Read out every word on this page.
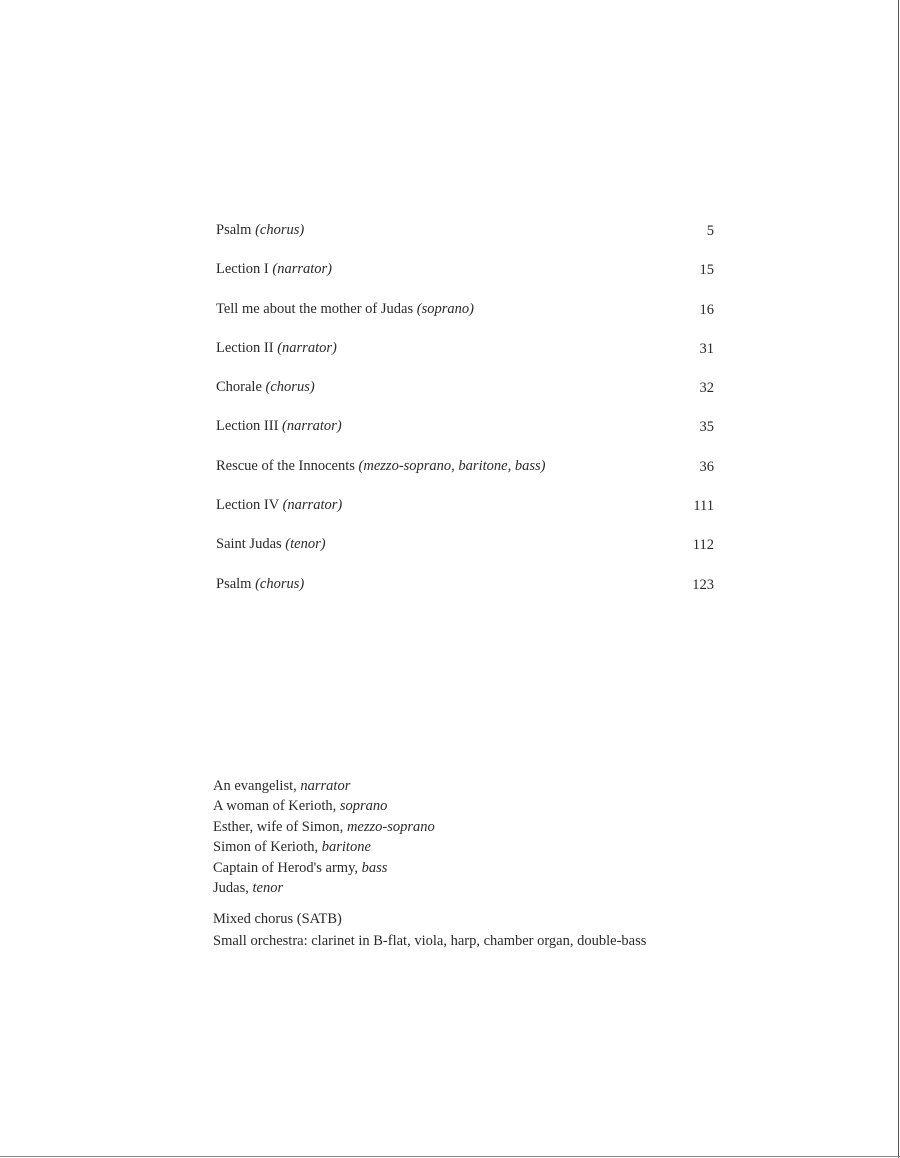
Psalm (chorus)	5
Lection I (narrator)	15
Tell me about the mother of Judas (soprano)	16
Lection II (narrator)	31
Chorale (chorus)	32
Lection III (narrator)	35
Rescue of the Innocents (mezzo-soprano, baritone, bass)	36
Lection IV (narrator)	111
Saint Judas (tenor)	112
Psalm (chorus)	123
An evangelist, narrator
A woman of Kerioth, soprano
Esther, wife of Simon, mezzo-soprano
Simon of Kerioth, baritone
Captain of Herod's army, bass
Judas, tenor
Mixed chorus (SATB)
Small orchestra: clarinet in B-flat, viola, harp, chamber organ, double-bass
